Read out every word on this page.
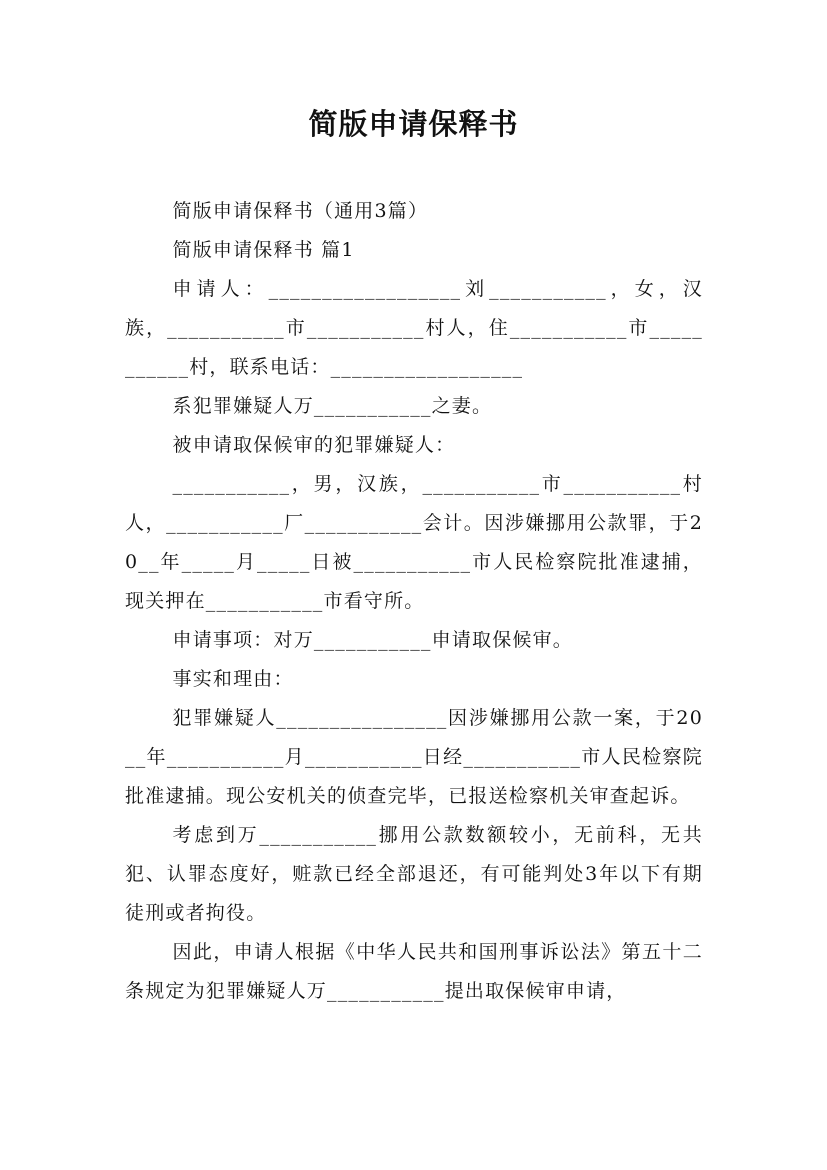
简版申请保释书

简版申请保释书（通用3篇）

简版申请保释书 篇1

申请人：__________________刘___________，女，汉族，___________市___________村人，住___________市___________村，联系电话：__________________

系犯罪嫌疑人万___________之妻。

被申请取保候审的犯罪嫌疑人：

___________，男，汉族，___________市___________村人，___________厂___________会计。因涉嫌挪用公款罪，于20__年_____月_____日被___________市人民检察院批准逮捕，现关押在___________市看守所。

申请事项：对万___________申请取保候审。

事实和理由：

犯罪嫌疑人________________因涉嫌挪用公款一案，于20__年___________月___________日经___________市人民检察院批准逮捕。现公安机关的侦查完毕，已报送检察机关审查起诉。

考虑到万___________挪用公款数额较小，无前科，无共犯、认罪态度好，赃款已经全部退还，有可能判处3年以下有期徒刑或者拘役。

因此，申请人根据《中华人民共和国刑事诉讼法》第五十二条规定为犯罪嫌疑人万___________提出取保候审申请，
